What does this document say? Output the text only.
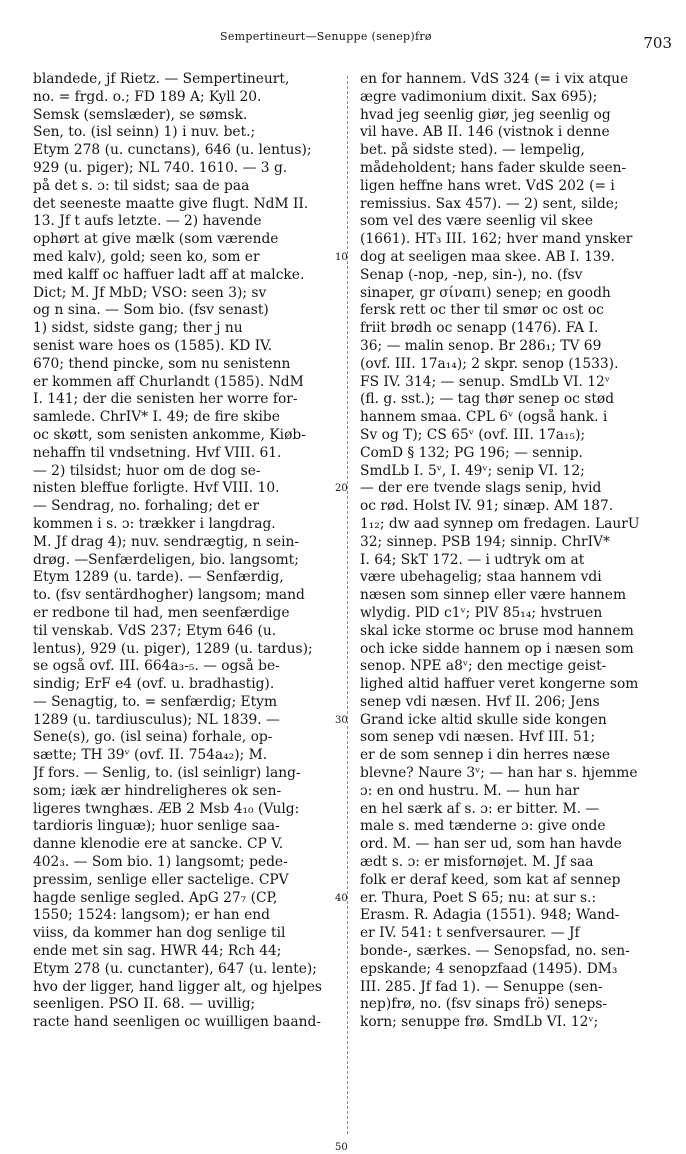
Sempertineurt—Senuppe (senep)frø	703
blandede, jf Rietz. — Sempertineurt,
no. = frgd. o.; FD 189 A; Kyll 20.
Semsk (semslæder), se sømsk.
Sen, to. (isl seinn) 1) i nuv. bet.;
Etym 278 (u. cunctans), 646 (u. lentus);
929 (u. piger); NL 740. 1610. — 3 g.
på det s. ɔ: til sidst; saa de paa
det seeneste maatte give flugt. NdM II.
13. Jf t aufs letzte. — 2) havende
ophørt at give mælk (som værende
med kalv), gold; seen ko, som er
med kalff oc haffuer ladt aff at malcke.
Dict; M. Jf MbD; VSO: seen 3); sv
og n sina. — Som bio. (fsv senast)
1) sidst, sidste gang; ther j nu
senist ware hoes os (1585). KD IV.
670; thend pincke, som nu senistenn
er kommen aff Churlandt (1585). NdM
I. 141; der die senisten her worre for-
samlede. ChrIV* I. 49; de fire skibe
oc skøtt, som senisten ankomme, Kiøb-
nehaffn til vndsetning. Hvf VIII. 61.
— 2) tilsidst; huor om de dog se-
nisten bleffue forligte. Hvf VIII. 10.
— Sendrag, no. forhaling; det er
kommen i s. ɔ: trækker i langdrag.
M. Jf drag 4); nuv. sendrægtig, n sein-
drøg. —Senfærdeligen, bio. langsomt;
Etym 1289 (u. tarde). — Senfærdig,
to. (fsv sentärdhogher) langsom; mand
er redbone til had, men seenfærdige
til venskab. VdS 237; Etym 646 (u.
lentus), 929 (u. piger), 1289 (u. tardus);
se også ovf. III. 664a₃-₅. — også be-
sindig; ErF e4 (ovf. u. bradhastig).
— Senagtig, to. = senfærdig; Etym
1289 (u. tardiusculus); NL 1839. —
Sene(s), go. (isl seina) forhale, op-
sætte; TH 39ᵛ (ovf. II. 754a₄₂); M.
Jf fors. — Senlig, to. (isl seinligr) lang-
som; iæk ær hindreligheres ok sen-
ligeres twnghæs. ÆB 2 Msb 4₁₀ (Vulg:
tardioris linguæ); huor senlige saa-
danne klenodie ere at sancke. CP V.
402₃. — Som bio. 1) langsomt; pede-
pressim, senlige eller sactelige. CPV
hagde senlige segled. ApG 27₇ (CP,
1550; 1524: langsom); er han end
viiss, da kommer han dog senlige til
ende met sin sag. HWR 44; Rch 44;
Etym 278 (u. cunctanter), 647 (u. lente);
hvo der ligger, hand ligger alt, og hjelpes
seenligen. PSO II. 68. — uvillig;
racte hand seenligen oc wuilligen baand-
en for hannem. VdS 324 (= i vix atque
ægre vadimonium dixit. Sax 695);
hvad jeg seenlig giør, jeg seenlig og
vil have. AB II. 146 (vistnok i denne
bet. på sidste sted). — lempelig,
mådeholdent; hans fader skulde seen-
ligen heffne hans wret. VdS 202 (= i
remissius. Sax 457). — 2) sent, silde;
som vel des være seenlig vil skee
(1661). HT₃ III. 162; hver mand ynsker
dog at seeligen maa skee. AB I. 139.
Senap (-nop, -nep, sin-), no. (fsv
sinaper, gr σίναπι) senep; en goodh
fersk rett oc ther til smør oc ost oc
friit brødh oc senapp (1476). FA I.
36; — malin senop. Br 286₁; TV 69
(ovf. III. 17a₁₄); 2 skpr. senop (1533).
FS IV. 314; — senup. SmdLb VI. 12ᵛ
(fl. g. sst.); — tag thør senep oc stød
hannem smaa. CPL 6ᵛ (også hank. i
Sv og T); CS 65ᵛ (ovf. III. 17a₁₅);
ComD § 132; PG 196; — sennip.
SmdLb I. 5ᵛ, I. 49ᵛ; senip VI. 12;
— der ere tvende slags senip, hvid
oc rød. Holst IV. 91; sinæp. AM 187.
1₁₂; dw aad synnep om fredagen. LaurU
32; sinnep. PSB 194; sinnip. ChrIV*
I. 64; SkT 172. — i udtryk om at
være ubehagelig; staa hannem vdi
næsen som sinnep eller være hannem
wlydig. PlD c1ᵛ; PlV 85₁₄; hvstruen
skal icke storme oc bruse mod hannem
och icke sidde hannem op i næsen som
senop. NPE a8ᵛ; den mectige geist-
lighed altid haffuer veret kongerne som
senep vdi næsen. Hvf II. 206; Jens
Grand icke altid skulle side kongen
som senep vdi næsen. Hvf III. 51;
er de som sennep i din herres næse
blevne? Naure 3ᵛ; — han har s. hjemme
ɔ: en ond hustru. M. — hun har
en hel særk af s. ɔ: er bitter. M. —
male s. med tænderne ɔ: give onde
ord. M. — han ser ud, som han havde
ædt s. ɔ: er misfornøjet. M. Jf saa
folk er deraf keed, som kat af sennep
er. Thura, Poet S 65; nu: at sur s.:
Erasm. R. Adagia (1551). 948; Wand-
er IV. 541: t senfversaurer. — Jf
bonde-, særkes. — Senopsfad, no. sen-
epskande; 4 senopzfaad (1495). DM₃
III. 285. Jf fad 1). — Senuppe (sen-
nep)frø, no. (fsv sinaps frö) senеps-
korn; senuppe frø. SmdLb VI. 12ᵛ;
10
20
30
40
50
